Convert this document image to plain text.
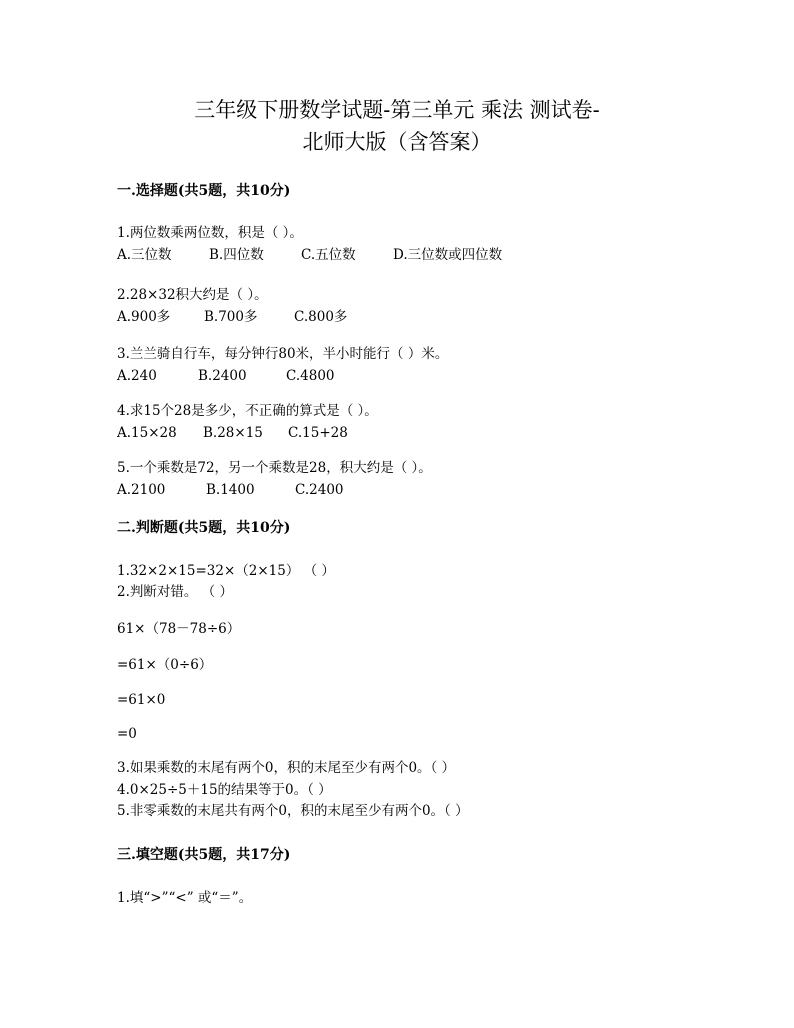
三年级下册数学试题-第三单元 乘法 测试卷-
北师大版（含答案）
一.选择题(共5题，共10分)
1.两位数乘两位数，积是（ ）。
A.三位数	B.四位数	C.五位数	D.三位数或四位数
2.28×32积大约是（ ）。
A.900多 B.700多	C.800多
3.兰兰骑自行车，每分钟行80米，半小时能行（ ）米。
A.240	B.2400	C.4800
4.求15个28是多少，不正确的算式是（ ）。
A.15×28 B.28×15 C.15+28
5.一个乘数是72，另一个乘数是28，积大约是（ ）。
A.2100	B.1400	C.2400
二.判断题(共5题，共10分)
1.32×2×15=32×（2×15） （ ）
2.判断对错。 （ ）
61×（78－78÷6）
=61×（0÷6）
=61×0
=0
3.如果乘数的末尾有两个0，积的末尾至少有两个0。（ ）
4.0×25÷5＋15的结果等于0。（ ）
5.非零乘数的末尾共有两个0，积的末尾至少有两个0。（ ）
三.填空题(共5题，共17分)
1.填“>”“<” 或“＝”。
